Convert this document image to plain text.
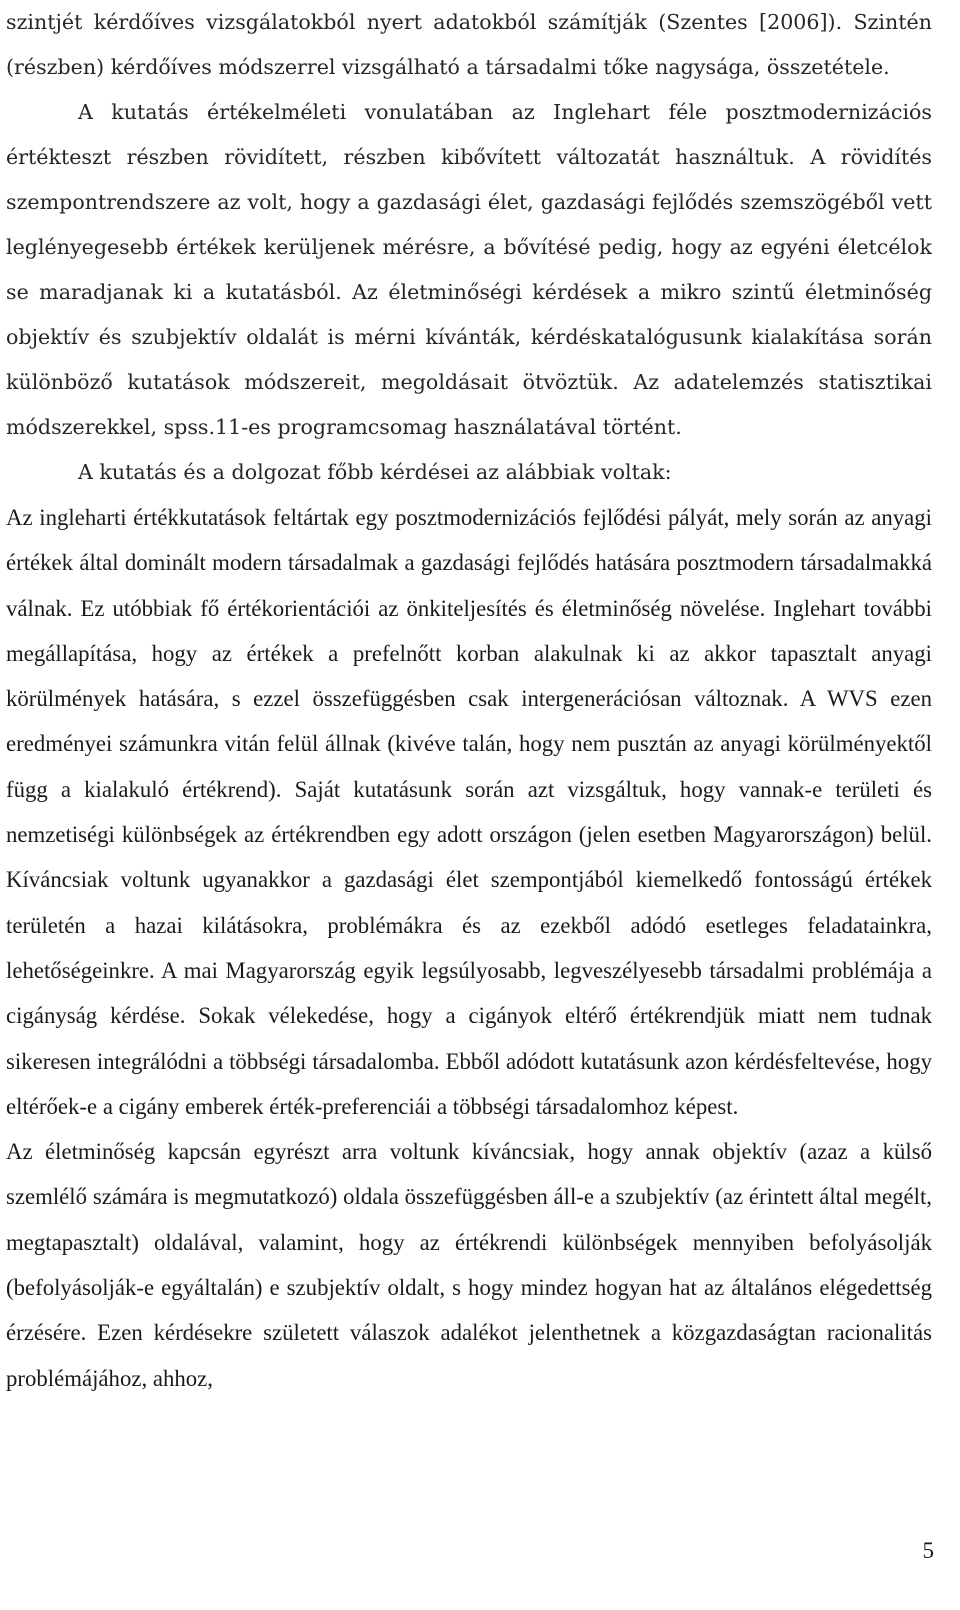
szintjét kérdőíves vizsgálatokból nyert adatokból számítják (Szentes [2006]). Szintén (részben) kérdőíves módszerrel vizsgálható a társadalmi tőke nagysága, összetétele.

A kutatás értékelméleti vonulatában az Inglehart féle posztmodernizációs értékteszt részben rövidített, részben kibővített változatát használtuk. A rövidítés szempontrendszere az volt, hogy a gazdasági élet, gazdasági fejlődés szemszögéből vett leglényegesebb értékek kerüljenek mérésre, a bővítésé pedig, hogy az egyéni életcélok se maradjanak ki a kutatásból. Az életminőségi kérdések a mikro szintű életminőség objektív és szubjektív oldalát is mérni kívánták, kérdéskatalógusunk kialakítása során különböző kutatások módszereit, megoldásait ötvöztük. Az adatelemzés statisztikai módszerekkel, spss.11-es programcsomag használatával történt.

A kutatás és a dolgozat főbb kérdései az alábbiak voltak:

Az ingleharti értékkutatások feltártak egy posztmodernizációs fejlődési pályát, mely során az anyagi értékek által dominált modern társadalmak a gazdasági fejlődés hatására posztmodern társadalmakká válnak. Ez utóbbiak fő értékorientációi az önkiteljesítés és életminőség növelése. Inglehart további megállapítása, hogy az értékek a prefelnőtt korban alakulnak ki az akkor tapasztalt anyagi körülmények hatására, s ezzel összefüggésben csak intergenerációsan változnak. A WVS ezen eredményei számunkra vitán felül állnak (kivéve talán, hogy nem pusztán az anyagi körülményektől függ a kialakuló értékrend). Saját kutatásunk során azt vizsgáltuk, hogy vannak-e területi és nemzetiségi különbségek az értékrendben egy adott országon (jelen esetben Magyarországon) belül. Kíváncsiak voltunk ugyanakkor a gazdasági élet szempontjából kiemelkedő fontosságú értékek területén a hazai kilátásokra, problémákra és az ezekből adódó esetleges feladatainkra, lehetőségeinkre. A mai Magyarország egyik legsúlyosabb, legveszélyesebb társadalmi problémája a cigányság kérdése. Sokak vélekedése, hogy a cigányok eltérő értékrendjük miatt nem tudnak sikeresen integrálódni a többségi társadalomba. Ebből adódott kutatásunk azon kérdésfeltevése, hogy eltérőek-e a cigány emberek érték-preferenciái a többségi társadalomhoz képest.

Az életminőség kapcsán egyrészt arra voltunk kíváncsiak, hogy annak objektív (azaz a külső szemlélő számára is megmutatkozó) oldala összefüggésben áll-e a szubjektív (az érintett által megélt, megtapasztalt) oldalával, valamint, hogy az értékrendi különbségek mennyiben befolyásolják (befolyásolják-e egyáltalán) e szubjektív oldalt, s hogy mindez hogyan hat az általános elégedettség érzésére. Ezen kérdésekre született válaszok adalékot jelenthetnek a közgazdaságtan racionalitás problémájához, ahhoz,

5
